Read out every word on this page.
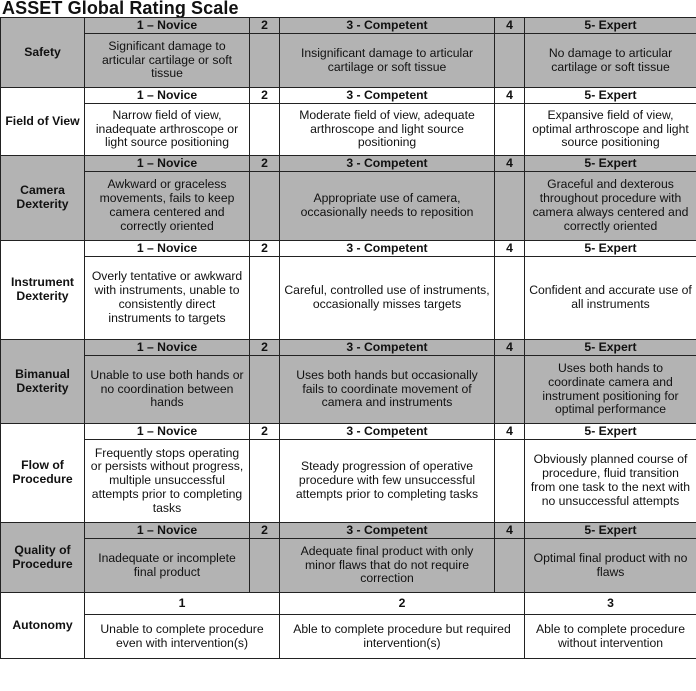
ASSET Global Rating Scale
Safety	1 – Novice	2	3 - Competent	4	5- Expert
	Significant damage to articular cartilage or soft tissue		Insignificant damage to articular cartilage or soft tissue		No damage to articular cartilage or soft tissue
Field of View	1 – Novice	2	3 - Competent	4	5- Expert
	Narrow field of view, inadequate arthroscope or light source positioning		Moderate field of view, adequate arthroscope and light source positioning		Expansive field of view, optimal arthroscope and light source positioning
Camera Dexterity	1 – Novice	2	3 - Competent	4	5- Expert
	Awkward or graceless movements, fails to keep camera centered and correctly oriented		Appropriate use of camera, occasionally needs to reposition		Graceful and dexterous throughout procedure with camera always centered and correctly oriented
Instrument Dexterity	1 – Novice	2	3 - Competent	4	5- Expert
	Overly tentative or awkward with instruments, unable to consistently direct instruments to targets		Careful, controlled use of instruments, occasionally misses targets		Confident and accurate use of all instruments
Bimanual Dexterity	1 – Novice	2	3 - Competent	4	5- Expert
	Unable to use both hands or no coordination between hands		Uses both hands but occasionally fails to coordinate movement of camera and instruments		Uses both hands to coordinate camera and instrument positioning for optimal performance
Flow of Procedure	1 – Novice	2	3 - Competent	4	5- Expert
	Frequently stops operating or persists without progress, multiple unsuccessful attempts prior to completing tasks		Steady progression of operative procedure with few unsuccessful attempts prior to completing tasks		Obviously planned course of procedure, fluid transition from one task to the next with no unsuccessful attempts
Quality of Procedure	1 – Novice	2	3 - Competent	4	5- Expert
	Inadequate or incomplete final product		Adequate final product with only minor flaws that do not require correction		Optimal final product with no flaws
Autonomy	1		2		3
	Unable to complete procedure even with intervention(s)		Able to complete procedure but required intervention(s)		Able to complete procedure without intervention
